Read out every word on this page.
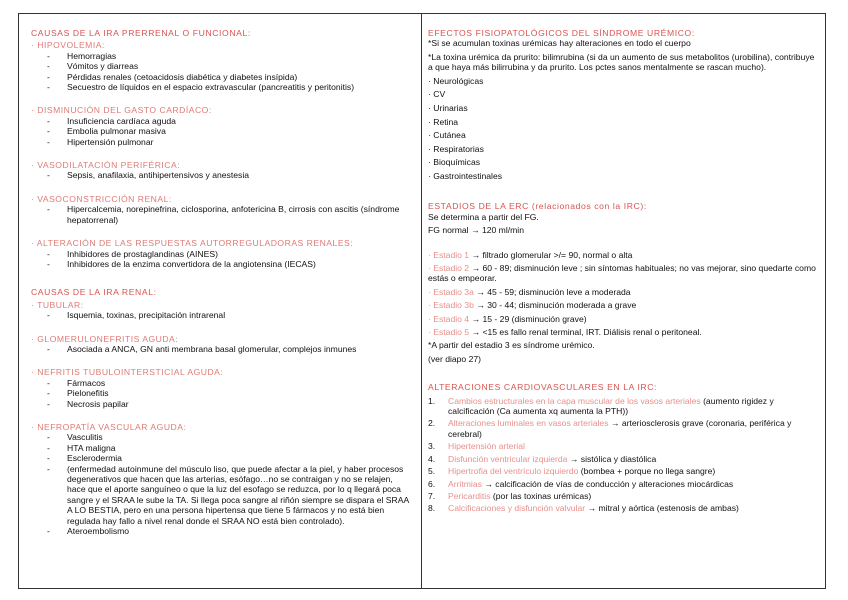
CAUSAS DE LA IRA PRERRENAL O FUNCIONAL:
· HIPOVOLEMIA:
- Hemorragias
- Vómitos y diarreas
- Pérdidas renales (cetoacidosis diabética y diabetes insípida)
- Secuestro de líquidos en el espacio extravascular (pancreatitis y peritonitis)
· DISMINUCIÓN DEL GASTO CARDÍACO:
- Insuficiencia cardíaca aguda
- Embolia pulmonar masiva
- Hipertensión pulmonar
· VASODILATACIÓN PERIFÉRICA:
- Sepsis, anafilaxia, antihipertensivos y anestesia
· VASOCONSTRICCIÓN RENAL:
- Hipercalcemia, norepinefrina, ciclosporina, anfotericina B, cirrosis con ascitis (síndrome hepatorrenal)
· ALTERACIÓN DE LAS RESPUESTAS AUTORREGULADORAS RENALES:
- Inhibidores de prostaglandinas (AINES)
- Inhibidores de la enzima convertidora de la angiotensina (IECAS)
CAUSAS DE LA IRA RENAL:
· TUBULAR:
- Isquemia, toxinas, precipitación intrarenal
· GLOMERULONEFRITIS AGUDA:
- Asociada a ANCA, GN anti membrana basal glomerular, complejos inmunes
· NEFRITIS TUBULOINTERSTICIAL AGUDA:
- Fármacos
- Pielonefitis
- Necrosis papilar
· NEFROPATÍA VASCULAR AGUDA:
- Vasculitis
- HTA maligna
- Esclerodermia
- (enfermedad autoinmune del músculo liso, que puede afectar a la piel, y haber procesos degenerativos que hacen que las arterias, esófago…no se contraigan y no se relajen, hace que el aporte sanguíneo o que la luz del esofago se reduzca, por lo q llegará poca sangre y el SRAA le sube la TA. Si llega poca sangre al riñón siempre se dispara el SRAA A LO BESTIA, pero en una persona hipertensa que tiene 5 fármacos y no está bien regulada hay fallo a nivel renal donde el SRAA NO está bien controlado).
- Ateroembolismo
EFECTOS FISIOPATOLÓGICOS DEL SÍNDROME URÉMICO:
*Si se acumulan toxinas urémicas hay alteraciones en todo el cuerpo
*La toxina urémica da prurito: bilimrubina (si da un aumento de sus metabolitos (urobilina), contribuye a que haya más bilirrubina y da prurito. Los pctes sanos mentalmente se rascan mucho).
· Neurológicas
· CV
· Urinarias
· Retina
· Cutánea
· Respiratorias
· Bioquímicas
· Gastrointestinales
ESTADIOS DE LA ERC (relacionados con la IRC):
Se determina a partir del FG.
FG normal → 120 ml/min
· Estadio 1 → filtrado glomerular >/= 90, normal o alta
· Estadio 2 → 60 - 89; disminución leve ; sin síntomas habituales; no vas mejorar, sino quedarte como estás o empeorar.
· Estadio 3a → 45 - 59; disminución leve a moderada
· Estadio 3b → 30 - 44; disminución moderada a grave
· Estadio 4 → 15 - 29 (disminución grave)
· Estadio 5 → <15 es fallo renal terminal, IRT. Diálisis renal o peritoneal.
*A partir del estadio 3 es síndrome urémico.
(ver diapo 27)
ALTERACIONES CARDIOVASCULARES EN LA IRC:
1. Cambios estructurales en la capa muscular de los vasos arteriales (aumento rigidez y calcificación (Ca aumenta xq aumenta la PTH))
2. Alteraciones luminales en vasos arteriales → arteriosclerosis grave (coronaria, periférica y cerebral)
3. Hipertensión arterial
4. Disfunción ventricular izquierda → sistólica y diastólica
5. Hipertrofia del ventrículo izquierdo (bombea + porque no llega sangre)
6. Arritmias → calcificación de vías de conducción y alteraciones miocárdicas
7. Pericarditis (por las toxinas urémicas)
8. Calcificaciones y disfunción valvular → mitral y aórtica (estenosis de ambas)
